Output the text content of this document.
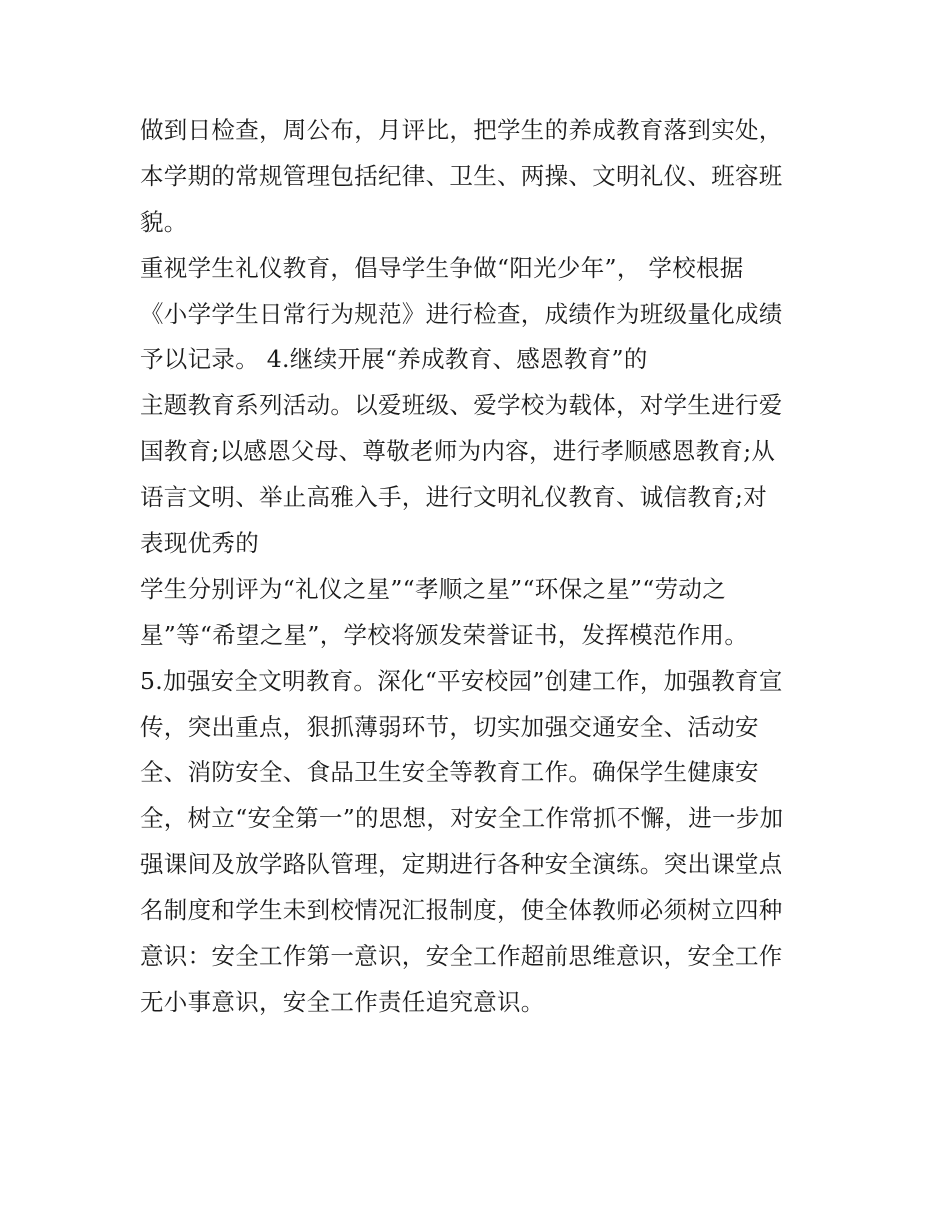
做到日检查，周公布，月评比，把学生的养成教育落到实处，
本学期的常规管理包括纪律、卫生、两操、文明礼仪、班容班
貌。
重视学生礼仪教育，倡导学生争做“阳光少年”， 学校根据
《小学学生日常行为规范》进行检查，成绩作为班级量化成绩
予以记录。 4.继续开展“养成教育、感恩教育”的
主题教育系列活动。以爱班级、爱学校为载体，对学生进行爱
国教育;以感恩父母、尊敬老师为内容，进行孝顺感恩教育;从
语言文明、举止高雅入手，进行文明礼仪教育、诚信教育;对
表现优秀的
学生分别评为“礼仪之星”“孝顺之星”“环保之星”“劳动之
星”等“希望之星”，学校将颁发荣誉证书，发挥模范作用。
5.加强安全文明教育。深化“平安校园”创建工作，加强教育宣
传，突出重点，狠抓薄弱环节，切实加强交通安全、活动安
全、消防安全、食品卫生安全等教育工作。确保学生健康安
全，树立“安全第一”的思想，对安全工作常抓不懈，进一步加
强课间及放学路队管理，定期进行各种安全演练。突出课堂点
名制度和学生未到校情况汇报制度，使全体教师必须树立四种
意识：安全工作第一意识，安全工作超前思维意识，安全工作
无小事意识，安全工作责任追究意识。
